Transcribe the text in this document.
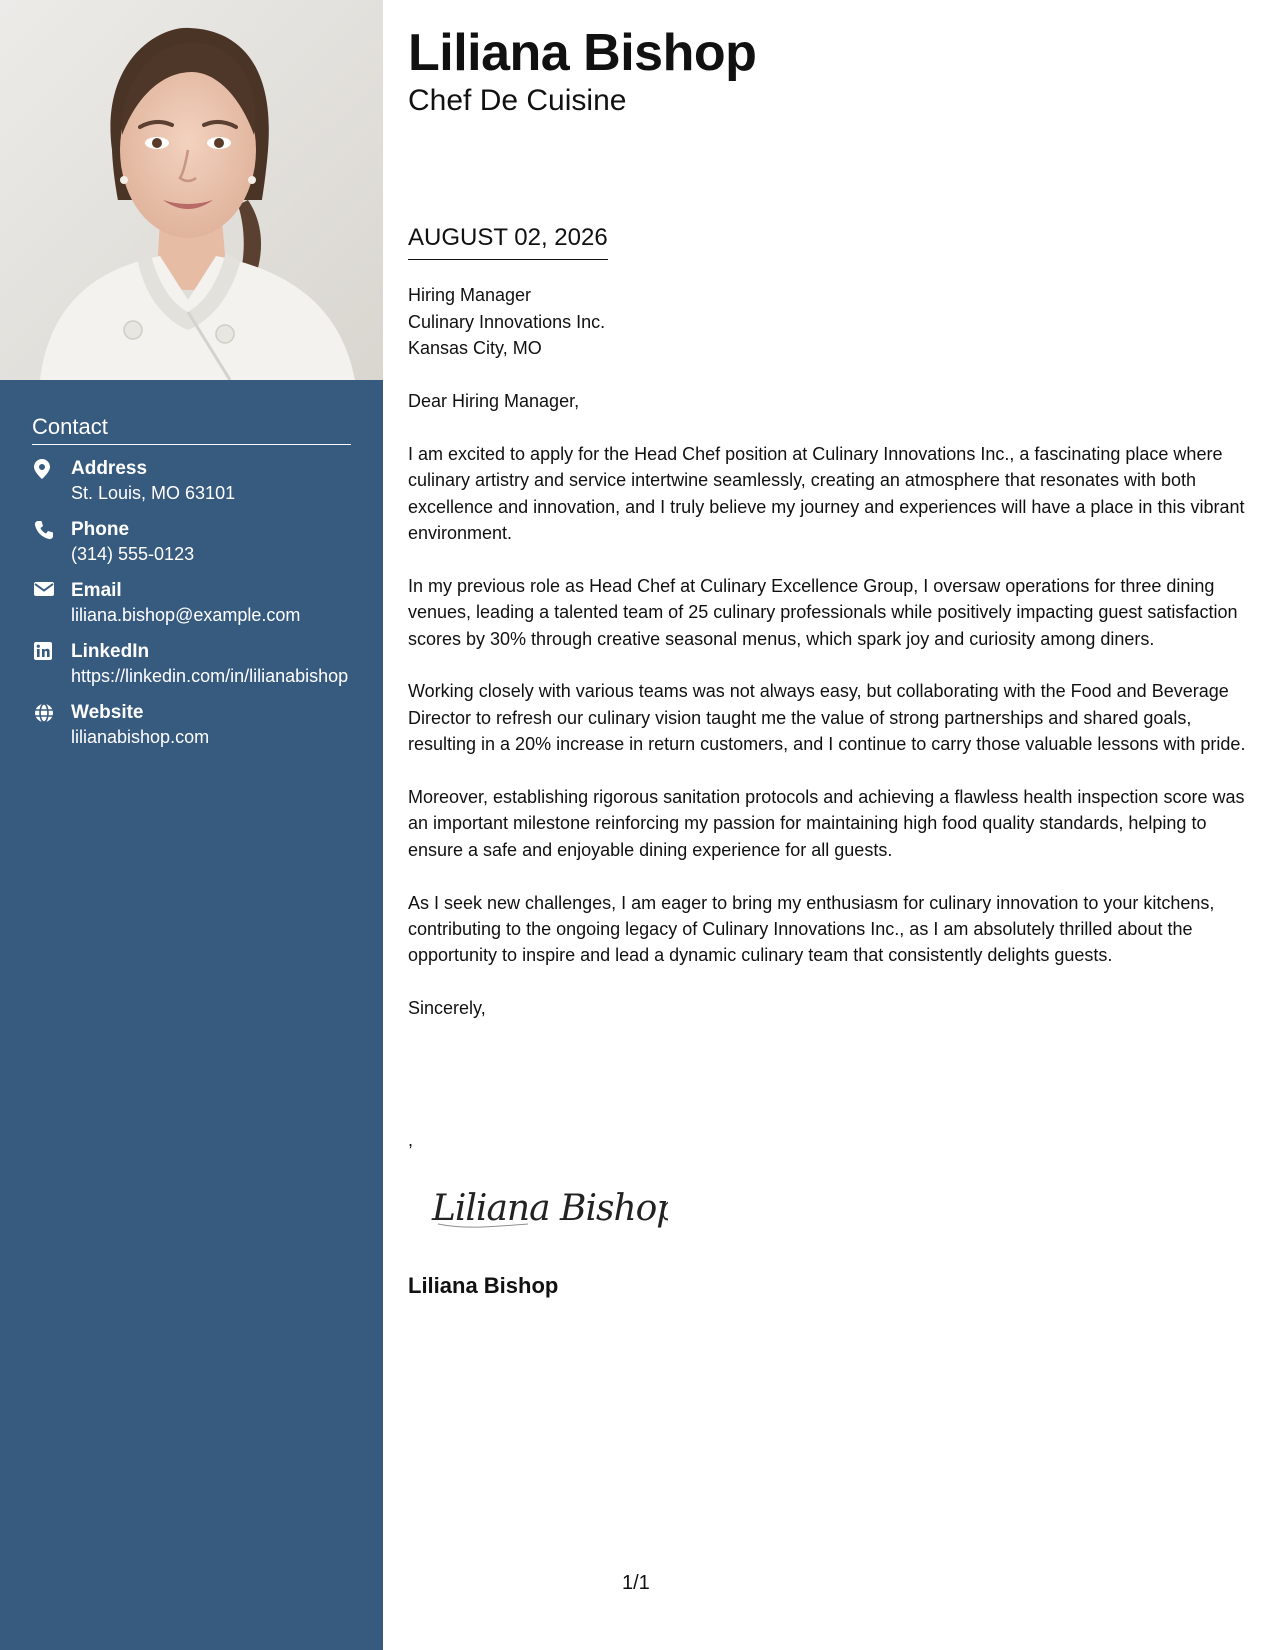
Contact
Address
St. Louis, MO 63101
Phone
(314) 555-0123
Email
liliana.bishop@example.com
LinkedIn
https://linkedin.com/in/lilianabishop
Website
lilianabishop.com
Liliana Bishop
Chef De Cuisine
AUGUST 02, 2026
Hiring Manager
Culinary Innovations Inc.
Kansas City, MO

Dear Hiring Manager,

I am excited to apply for the Head Chef position at Culinary Innovations Inc., a fascinating place where culinary artistry and service intertwine seamlessly, creating an atmosphere that resonates with both excellence and innovation, and I truly believe my journey and experiences will have a place in this vibrant environment.

In my previous role as Head Chef at Culinary Excellence Group, I oversaw operations for three dining venues, leading a talented team of 25 culinary professionals while positively impacting guest satisfaction scores by 30% through creative seasonal menus, which spark joy and curiosity among diners.

Working closely with various teams was not always easy, but collaborating with the Food and Beverage Director to refresh our culinary vision taught me the value of strong partnerships and shared goals, resulting in a 20% increase in return customers, and I continue to carry those valuable lessons with pride.

Moreover, establishing rigorous sanitation protocols and achieving a flawless health inspection score was an important milestone reinforcing my passion for maintaining high food quality standards, helping to ensure a safe and enjoyable dining experience for all guests.

As I seek new challenges, I am eager to bring my enthusiasm for culinary innovation to your kitchens, contributing to the ongoing legacy of Culinary Innovations Inc., as I am absolutely thrilled about the opportunity to inspire and lead a dynamic culinary team that consistently delights guests.

Sincerely,

,
Liliana Bishop
Liliana Bishop
1/1
